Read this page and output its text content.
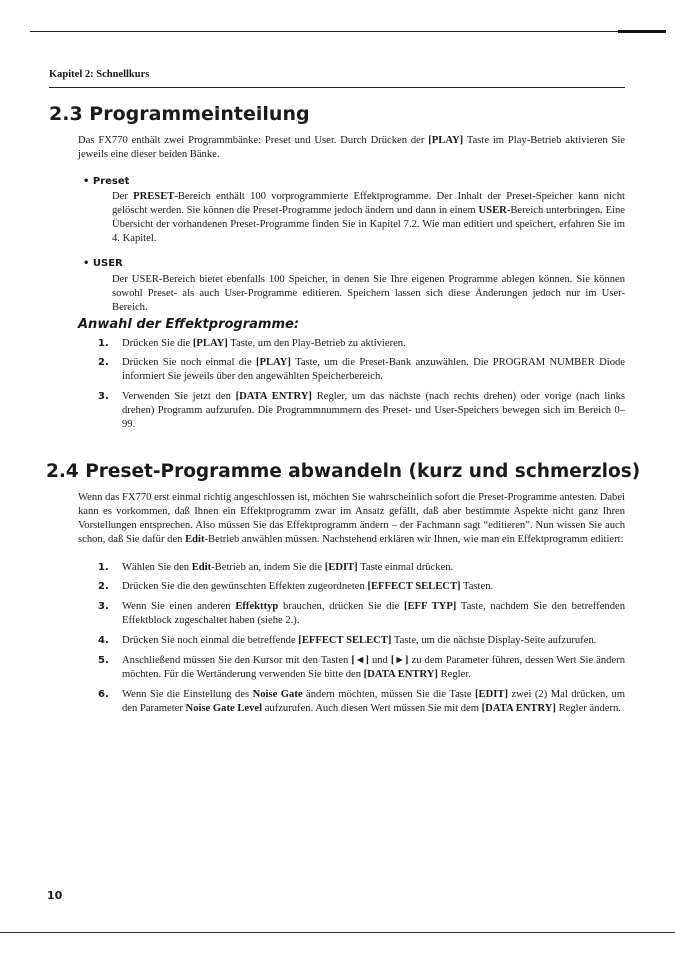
Kapitel 2: Schnellkurs
2.3 Programmeinteilung
Das FX770 enthält zwei Programmbänke: Preset und User. Durch Drücken der [PLAY] Taste im Play-Betrieb aktivieren Sie jeweils eine dieser beiden Bänke.
• Preset
Der PRESET-Bereich enthält 100 vorprogrammierte Effektprogramme. Der Inhalt der Preset-Speicher kann nicht gelöscht werden. Sie können die Preset-Programme jedoch ändern und dann in einem USER-Bereich unterbringen. Eine Übersicht der vorhandenen Preset-Programme finden Sie in Kapitel 7.2. Wie man editiert und speichert, erfahren Sie im 4. Kapitel.
• USER
Der USER-Bereich bietet ebenfalls 100 Speicher, in denen Sie Ihre eigenen Programme ablegen können. Sie können sowohl Preset- als auch User-Programme editieren. Speichern lassen sich diese Änderungen jedoch nur im User-Bereich.
Anwahl der Effektprogramme:
1. Drücken Sie die [PLAY] Taste, um den Play-Betrieb zu aktivieren.
2. Drücken Sie noch einmal die [PLAY] Taste, um die Preset-Bank anzuwählen. Die PROGRAM NUMBER Diode informiert Sie jeweils über den angewählten Speicherbereich.
3. Verwenden Sie jetzt den [DATA ENTRY] Regler, um das nächste (nach rechts drehen) oder vorige (nach links drehen) Programm aufzurufen. Die Programmnummern des Preset- und User-Speichers bewegen sich im Bereich 0–99.
2.4 Preset-Programme abwandeln (kurz und schmerzlos)
Wenn das FX770 erst einmal richtig angeschlossen ist, möchten Sie wahrscheinlich sofort die Preset-Programme antesten. Dabei kann es vorkommen, daß Ihnen ein Effektprogramm zwar im Ansatz gefällt, daß aber bestimmte Aspekte nicht ganz Ihren Vorstellungen entsprechen. Also müssen Sie das Effektprogramm ändern – der Fachmann sagt “editieren”. Nun wissen Sie auch schon, daß Sie dafür den Edit-Betrieb anwählen müssen. Nachstehend erklären wir Ihnen, wie man ein Effektprogramm editiert:
1. Wählen Sie den Edit-Betrieb an, indem Sie die [EDIT] Taste einmal drücken.
2. Drücken Sie die den gewünschten Effekten zugeordneten [EFFECT SELECT] Tasten.
3. Wenn Sie einen anderen Effekttyp brauchen, drücken Sie die [EFF TYP] Taste, nachdem Sie den betreffenden Effektblock zugeschaltet haben (siehe 2.).
4. Drücken Sie noch einmal die betreffende [EFFECT SELECT] Taste, um die nächste Display-Seite aufzurufen.
5. Anschließend müssen Sie den Kursor mit den Tasten [◄] und [►] zu dem Parameter führen, dessen Wert Sie ändern möchten. Für die Wertänderung verwenden Sie bitte den [DATA ENTRY] Regler.
6. Wenn Sie die Einstellung des Noise Gate ändern möchten, müssen Sie die Taste [EDIT] zwei (2) Mal drücken, um den Parameter Noise Gate Level aufzurufen. Auch diesen Wert müssen Sie mit dem [DATA ENTRY] Regler ändern.
10
